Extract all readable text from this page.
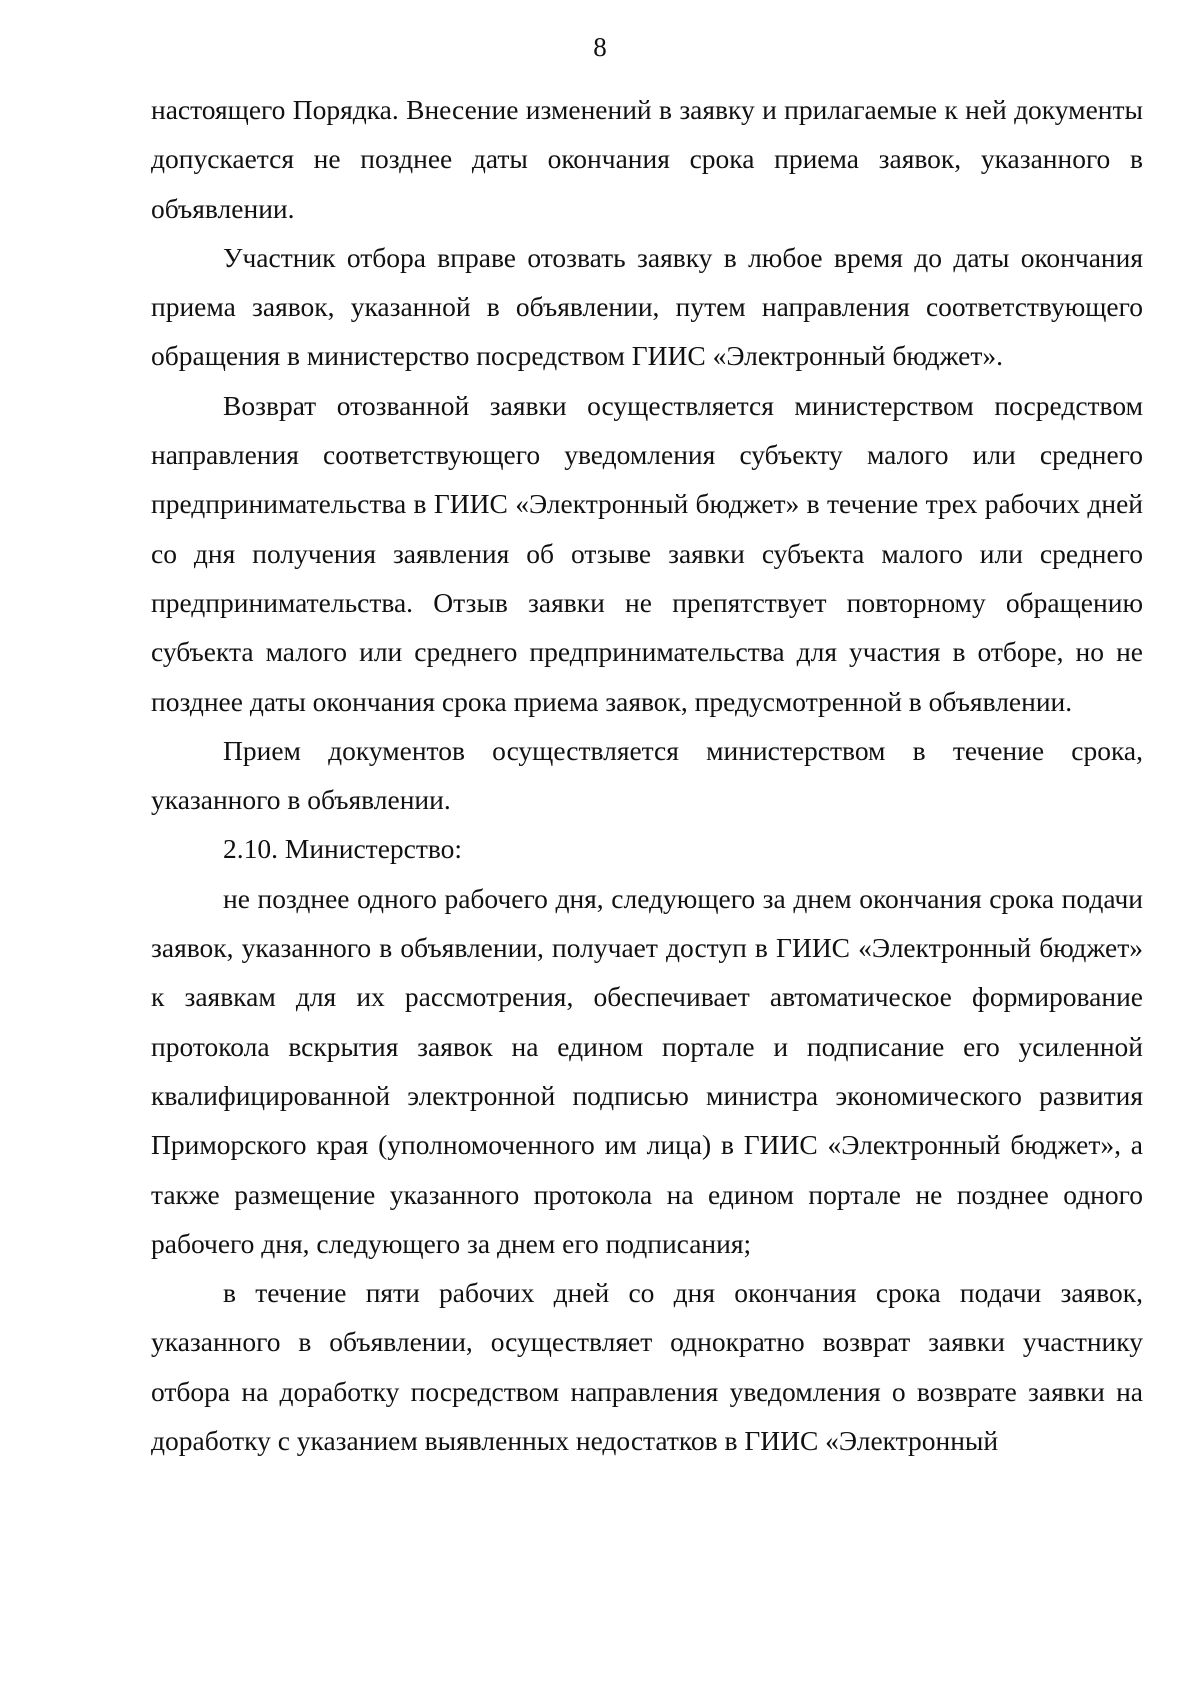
8

настоящего Порядка. Внесение изменений в заявку и прилагаемые к ней документы допускается не позднее даты окончания срока приема заявок, указанного в объявлении.

Участник отбора вправе отозвать заявку в любое время до даты окончания приема заявок, указанной в объявлении, путем направления соответствующего обращения в министерство посредством ГИИС «Электронный бюджет».

Возврат отозванной заявки осуществляется министерством посредством направления соответствующего уведомления субъекту малого или среднего предпринимательства в ГИИС «Электронный бюджет» в течение трех рабочих дней со дня получения заявления об отзыве заявки субъекта малого или среднего предпринимательства. Отзыв заявки не препятствует повторному обращению субъекта малого или среднего предпринимательства для участия в отборе, но не позднее даты окончания срока приема заявок, предусмотренной в объявлении.

Прием документов осуществляется министерством в течение срока, указанного в объявлении.

2.10. Министерство:

не позднее одного рабочего дня, следующего за днем окончания срока подачи заявок, указанного в объявлении, получает доступ в ГИИС «Электронный бюджет» к заявкам для их рассмотрения, обеспечивает автоматическое формирование протокола вскрытия заявок на едином портале и подписание его усиленной квалифицированной электронной подписью министра экономического развития Приморского края (уполномоченного им лица) в ГИИС «Электронный бюджет», а также размещение указанного протокола на едином портале не позднее одного рабочего дня, следующего за днем его подписания;

в течение пяти рабочих дней со дня окончания срока подачи заявок, указанного в объявлении, осуществляет однократно возврат заявки участнику отбора на доработку посредством направления уведомления о возврате заявки на доработку с указанием выявленных недостатков в ГИИС «Электронный
